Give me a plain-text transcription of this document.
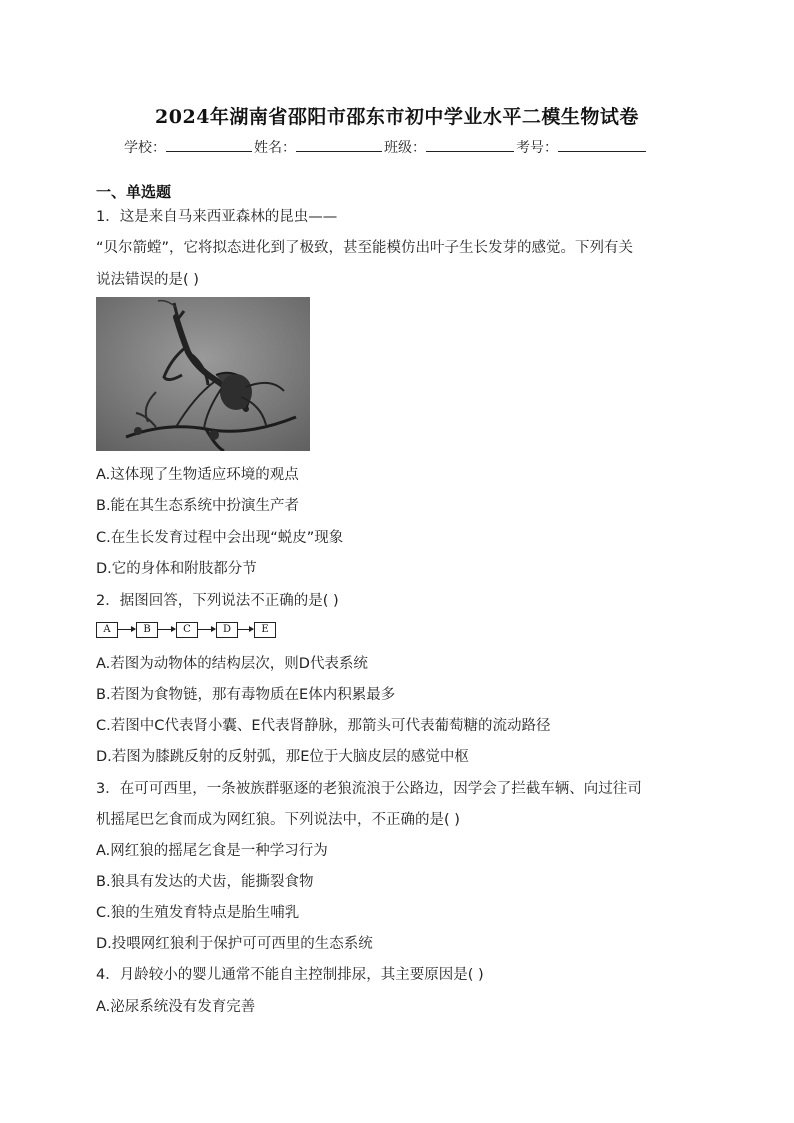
2024年湖南省邵阳市邵东市初中学业水平二模生物试卷
学校：	姓名：	班级：	考号：
一、单选题
1．这是来自马来西亚森林的昆虫——
“贝尔箭螳”，它将拟态进化到了极致，甚至能模仿出叶子生长发芽的感觉。下列有关
说法错误的是( )
A.这体现了生物适应环境的观点
B.能在其生态系统中扮演生产者
C.在生长发育过程中会出现“蜕皮”现象
D.它的身体和附肢都分节
2．据图回答，下列说法不正确的是( )
A	B	C	D	E
A.若图为动物体的结构层次，则D代表系统
B.若图为食物链，那有毒物质在E体内积累最多
C.若图中C代表肾小囊、E代表肾静脉，那箭头可代表葡萄糖的流动路径
D.若图为膝跳反射的反射弧，那E位于大脑皮层的感觉中枢
3．在可可西里，一条被族群驱逐的老狼流浪于公路边，因学会了拦截车辆、向过往司
机摇尾巴乞食而成为网红狼。下列说法中，不正确的是( )
A.网红狼的摇尾乞食是一种学习行为
B.狼具有发达的犬齿，能撕裂食物
C.狼的生殖发育特点是胎生哺乳
D.投喂网红狼利于保护可可西里的生态系统
4．月龄较小的婴儿通常不能自主控制排尿，其主要原因是( )
A.泌尿系统没有发育完善
